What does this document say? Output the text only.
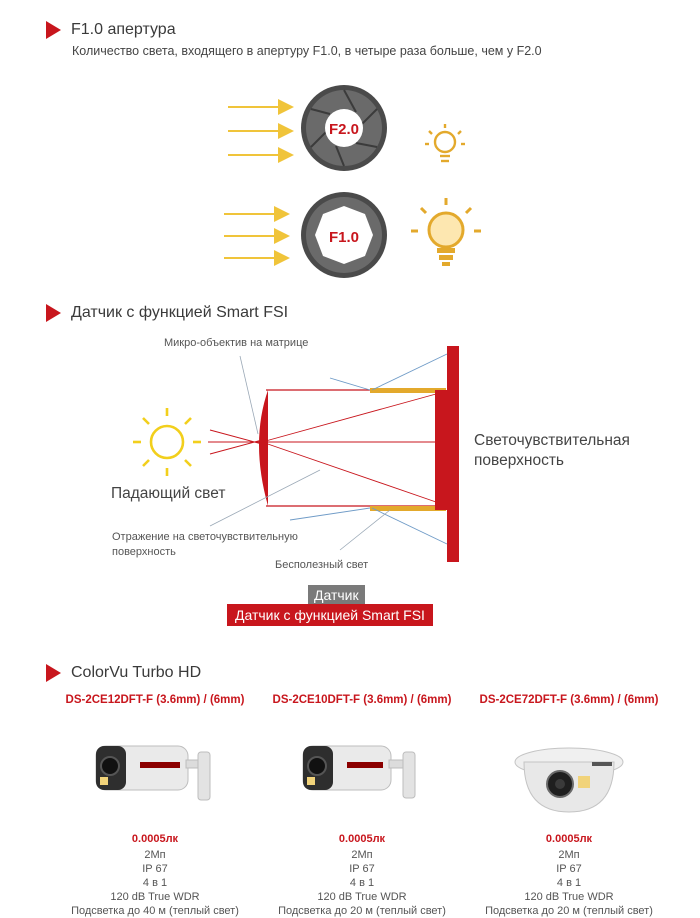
F1.0 апертура
Количество света, входящего в апертуру F1.0, в четыре раза больше, чем у F2.0
F2.0
F1.0
Датчик с функцией Smart FSI
Микро-объектив на матрице
Светочувствительная
поверхность
Падающий свет
Отражение на светочувствительную
поверхность
Бесполезный свет
Датчик
Датчик с функцией Smart FSI
ColorVu Turbo HD
DS-2CE12DFT-F (3.6mm) / (6mm)
0.0005лк
2Мп
IP 67
4 в 1
120 dB True WDR
Подсветка до 40 м (теплый свет)
DS-2CE10DFT-F (3.6mm) / (6mm)
0.0005лк
2Мп
IP 67
4 в 1
120 dB True WDR
Подсветка до 20 м (теплый свет)
DS-2CE72DFT-F (3.6mm) / (6mm)
0.0005лк
2Мп
IP 67
4 в 1
120 dB True WDR
Подсветка до 20 м (теплый свет)
